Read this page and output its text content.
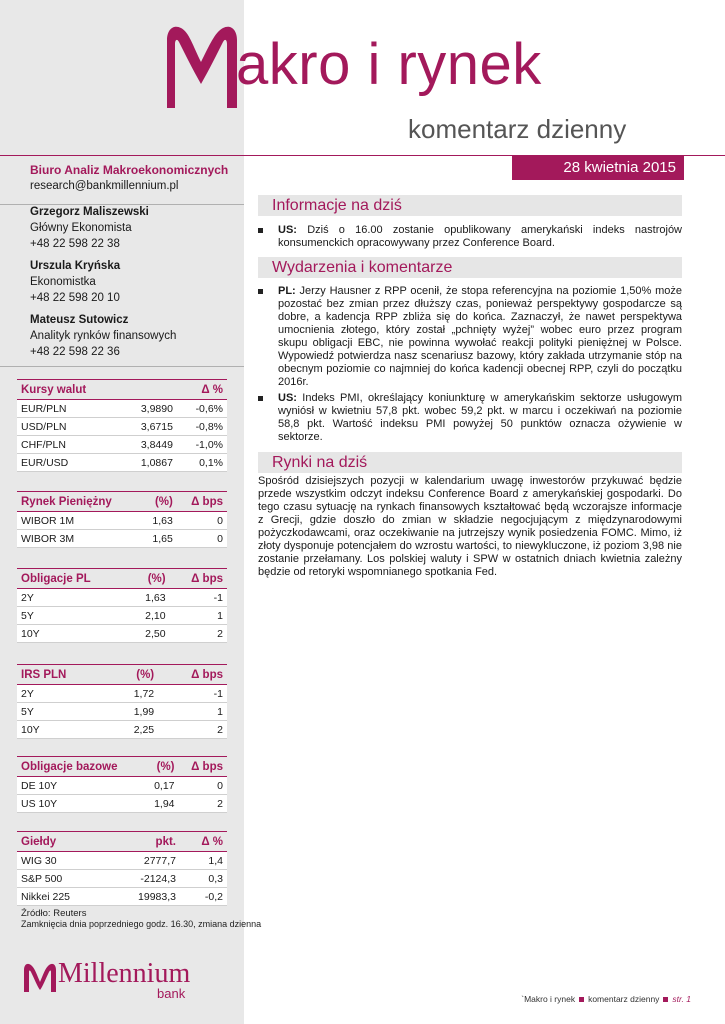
akro i rynek
komentarz dzienny
28 kwietnia 2015
Biuro Analiz Makroekonomicznych
research@bankmillennium.pl
Grzegorz Maliszewski
Główny Ekonomista
+48 22 598 22 38
Urszula Kryńska
Ekonomistka
+48 22 598 20 10
Mateusz Sutowicz
Analityk rynków finansowych
+48 22 598 22 36
Kursy walut		Δ %
EUR/PLN	3,9890	-0,6%
USD/PLN	3,6715	-0,8%
CHF/PLN	3,8449	-1,0%
EUR/USD	1,0867	0,1%
Rynek Pieniężny	(%)	Δ bps
WIBOR 1M	1,63	0
WIBOR 3M	1,65	0
Obligacje PL	(%)	Δ bps
2Y	1,63	-1
5Y	2,10	1
10Y	2,50	2
IRS PLN	(%)	Δ bps
2Y	1,72	-1
5Y	1,99	1
10Y	2,25	2
Obligacje bazowe	(%)	Δ bps
DE 10Y	0,17	0
US 10Y	1,94	2
Giełdy	pkt.	Δ %
WIG 30	2777,7	1,4
S&P 500	-2124,3	0,3
Nikkei 225	19983,3	-0,2
Źródło: Reuters
Zamknięcia dnia poprzedniego godz. 16.30, zmiana dzienna
Millennium
bank
Informacje na dziś
US: Dziś o 16.00 zostanie opublikowany amerykański indeks nastrojów konsumenckich opracowywany przez Conference Board.
Wydarzenia i komentarze
PL: Jerzy Hausner z RPP ocenił, że stopa referencyjna na poziomie 1,50% może pozostać bez zmian przez dłuższy czas, ponieważ perspektywy gospodarcze są dobre, a kadencja RPP zbliża się do końca. Zaznaczył, że nawet perspektywa umocnienia złotego, który został „pchnięty wyżej” wobec euro przez program skupu obligacji EBC, nie powinna wywołać reakcji polityki pieniężnej w Polsce. Wypowiedź potwierdza nasz scenariusz bazowy, który zakłada utrzymanie stóp na obecnym poziomie co najmniej do końca kadencji obecnej RPP, czyli do początku 2016r.
US: Indeks PMI, określający koniunkturę w amerykańskim sektorze usługowym wyniósł w kwietniu 57,8 pkt. wobec 59,2 pkt. w marcu i oczekiwań na poziomie 58,8 pkt. Wartość indeksu PMI powyżej 50 punktów oznacza ożywienie w sektorze.
Rynki na dziś
Spośród dzisiejszych pozycji w kalendarium uwagę inwestorów przykuwać będzie przede wszystkim odczyt indeksu Conference Board z amerykańskiej gospodarki. Do tego czasu sytuację na rynkach finansowych kształtować będą wczorajsze informacje z Grecji, gdzie doszło do zmian w składzie negocjującym z międzynarodowymi pożyczkodawcami, oraz oczekiwanie na jutrzejszy wynik posiedzenia FOMC. Mimo, iż złoty dysponuje potencjałem do wzrostu wartości, to niewykluczone, iż poziom 3,98 nie zostanie przełamany. Los polskiej waluty i SPW w ostatnich dniach kwietnia zależny będzie od retoryki wspomnianego spotkania Fed.
`Makro i rynek komentarz dzienny str. 1
